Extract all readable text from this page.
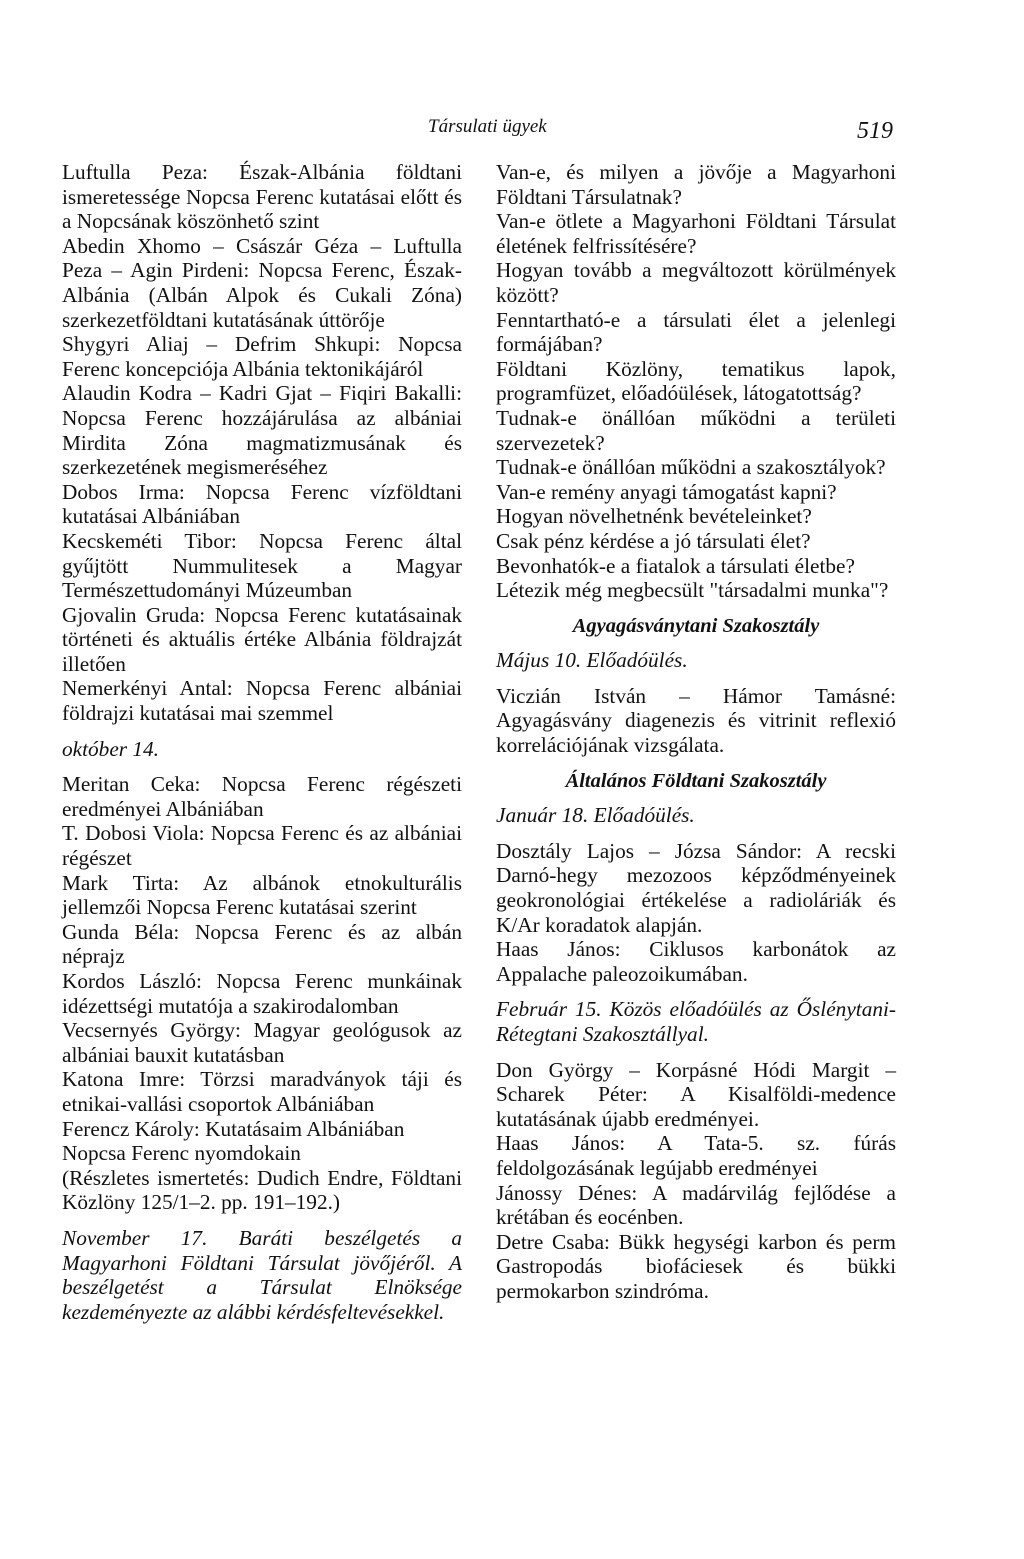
Társulati ügyek	519
Luftulla Peza: Észak-Albánia földtani ismeretessége Nopcsa Ferenc kutatásai előtt és a Nopcsának köszönhető szint
Abedin Xhomo – Császár Géza – Luftulla Peza – Agin Pirdeni: Nopcsa Ferenc, Észak-Albánia (Albán Alpok és Cukali Zóna) szerkezetföldtani kutatásának úttörője
Shygyri Aliaj – Defrim Shkupi: Nopcsa Ferenc koncepciója Albánia tektonikájáról
Alaudin Kodra – Kadri Gjat – Fiqiri Bakalli: Nopcsa Ferenc hozzájárulása az albániai Mirdita Zóna magmatizmusának és szerkezetének megismeréséhez
Dobos Irma: Nopcsa Ferenc vízföldtani kutatásai Albániában
Kecskeméti Tibor: Nopcsa Ferenc által gyűjtött Nummulitesek a Magyar Természettudományi Múzeumban
Gjovalin Gruda: Nopcsa Ferenc kutatásainak történeti és aktuális értéke Albánia földrajzát illetően
Nemerkényi Antal: Nopcsa Ferenc albániai földrajzi kutatásai mai szemmel
október 14.
Meritan Ceka: Nopcsa Ferenc régészeti eredményei Albániában
T. Dobosi Viola: Nopcsa Ferenc és az albániai régészet
Mark Tirta: Az albánok etnokulturális jellemzői Nopcsa Ferenc kutatásai szerint
Gunda Béla: Nopcsa Ferenc és az albán néprajz
Kordos László: Nopcsa Ferenc munkáinak idézettségi mutatója a szakirodalomban
Vecsernyés György: Magyar geológusok az albániai bauxit kutatásban
Katona Imre: Törzsi maradványok táji és etnikai-vallási csoportok Albániában
Ferencz Károly: Kutatásaim Albániában
Nopcsa Ferenc nyomdokain
(Részletes ismertetés: Dudich Endre, Földtani Közlöny 125/1–2. pp. 191–192.)
November 17. Baráti beszélgetés a Magyarhoni Földtani Társulat jövőjéről. A beszélgetést a Társulat Elnöksége kezdeményezte az alábbi kérdésfeltevésekkel.
Van-e, és milyen a jövője a Magyarhoni Földtani Társulatnak?
Van-e ötlete a Magyarhoni Földtani Társulat életének felfrissítésére?
Hogyan tovább a megváltozott körülmények között?
Fenntartható-e a társulati élet a jelenlegi formájában?
Földtani Közlöny, tematikus lapok, programfüzet, előadóülések, látogatottság?
Tudnak-e önállóan működni a területi szervezetek?
Tudnak-e önállóan működni a szakosztályok?
Van-e remény anyagi támogatást kapni?
Hogyan növelhetnénk bevételeinket?
Csak pénz kérdése a jó társulati élet?
Bevonhatók-e a fiatalok a társulati életbe?
Létezik még megbecsült "társadalmi munka"?
Agyagásványtani Szakosztály
Május 10. Előadóülés.
Viczián István – Hámor Tamásné: Agyagásvány diagenezis és vitrinit reflexió korrelációjának vizsgálata.
Általános Földtani Szakosztály
Január 18. Előadóülés.
Dosztály Lajos – Józsa Sándor: A recski Darnó-hegy mezozoos képződményeinek geokronológiai értékelése a radioláriák és K/Ar koradatok alapján.
Haas János: Ciklusos karbonátok az Appalache paleozoikumában.
Február 15. Közös előadóülés az Őslénytani-Rétegtani Szakosztállyal.
Don György – Korpásné Hódi Margit – Scharek Péter: A Kisalföldi-medence kutatásának újabb eredményei.
Haas János: A Tata-5. sz. fúrás feldolgozásának legújabb eredményei
Jánossy Dénes: A madárvilág fejlődése a krétában és eocénben.
Detre Csaba: Bükk hegységi karbon és perm Gastropodás biofáciesek és bükki permokarbon szindróma.
